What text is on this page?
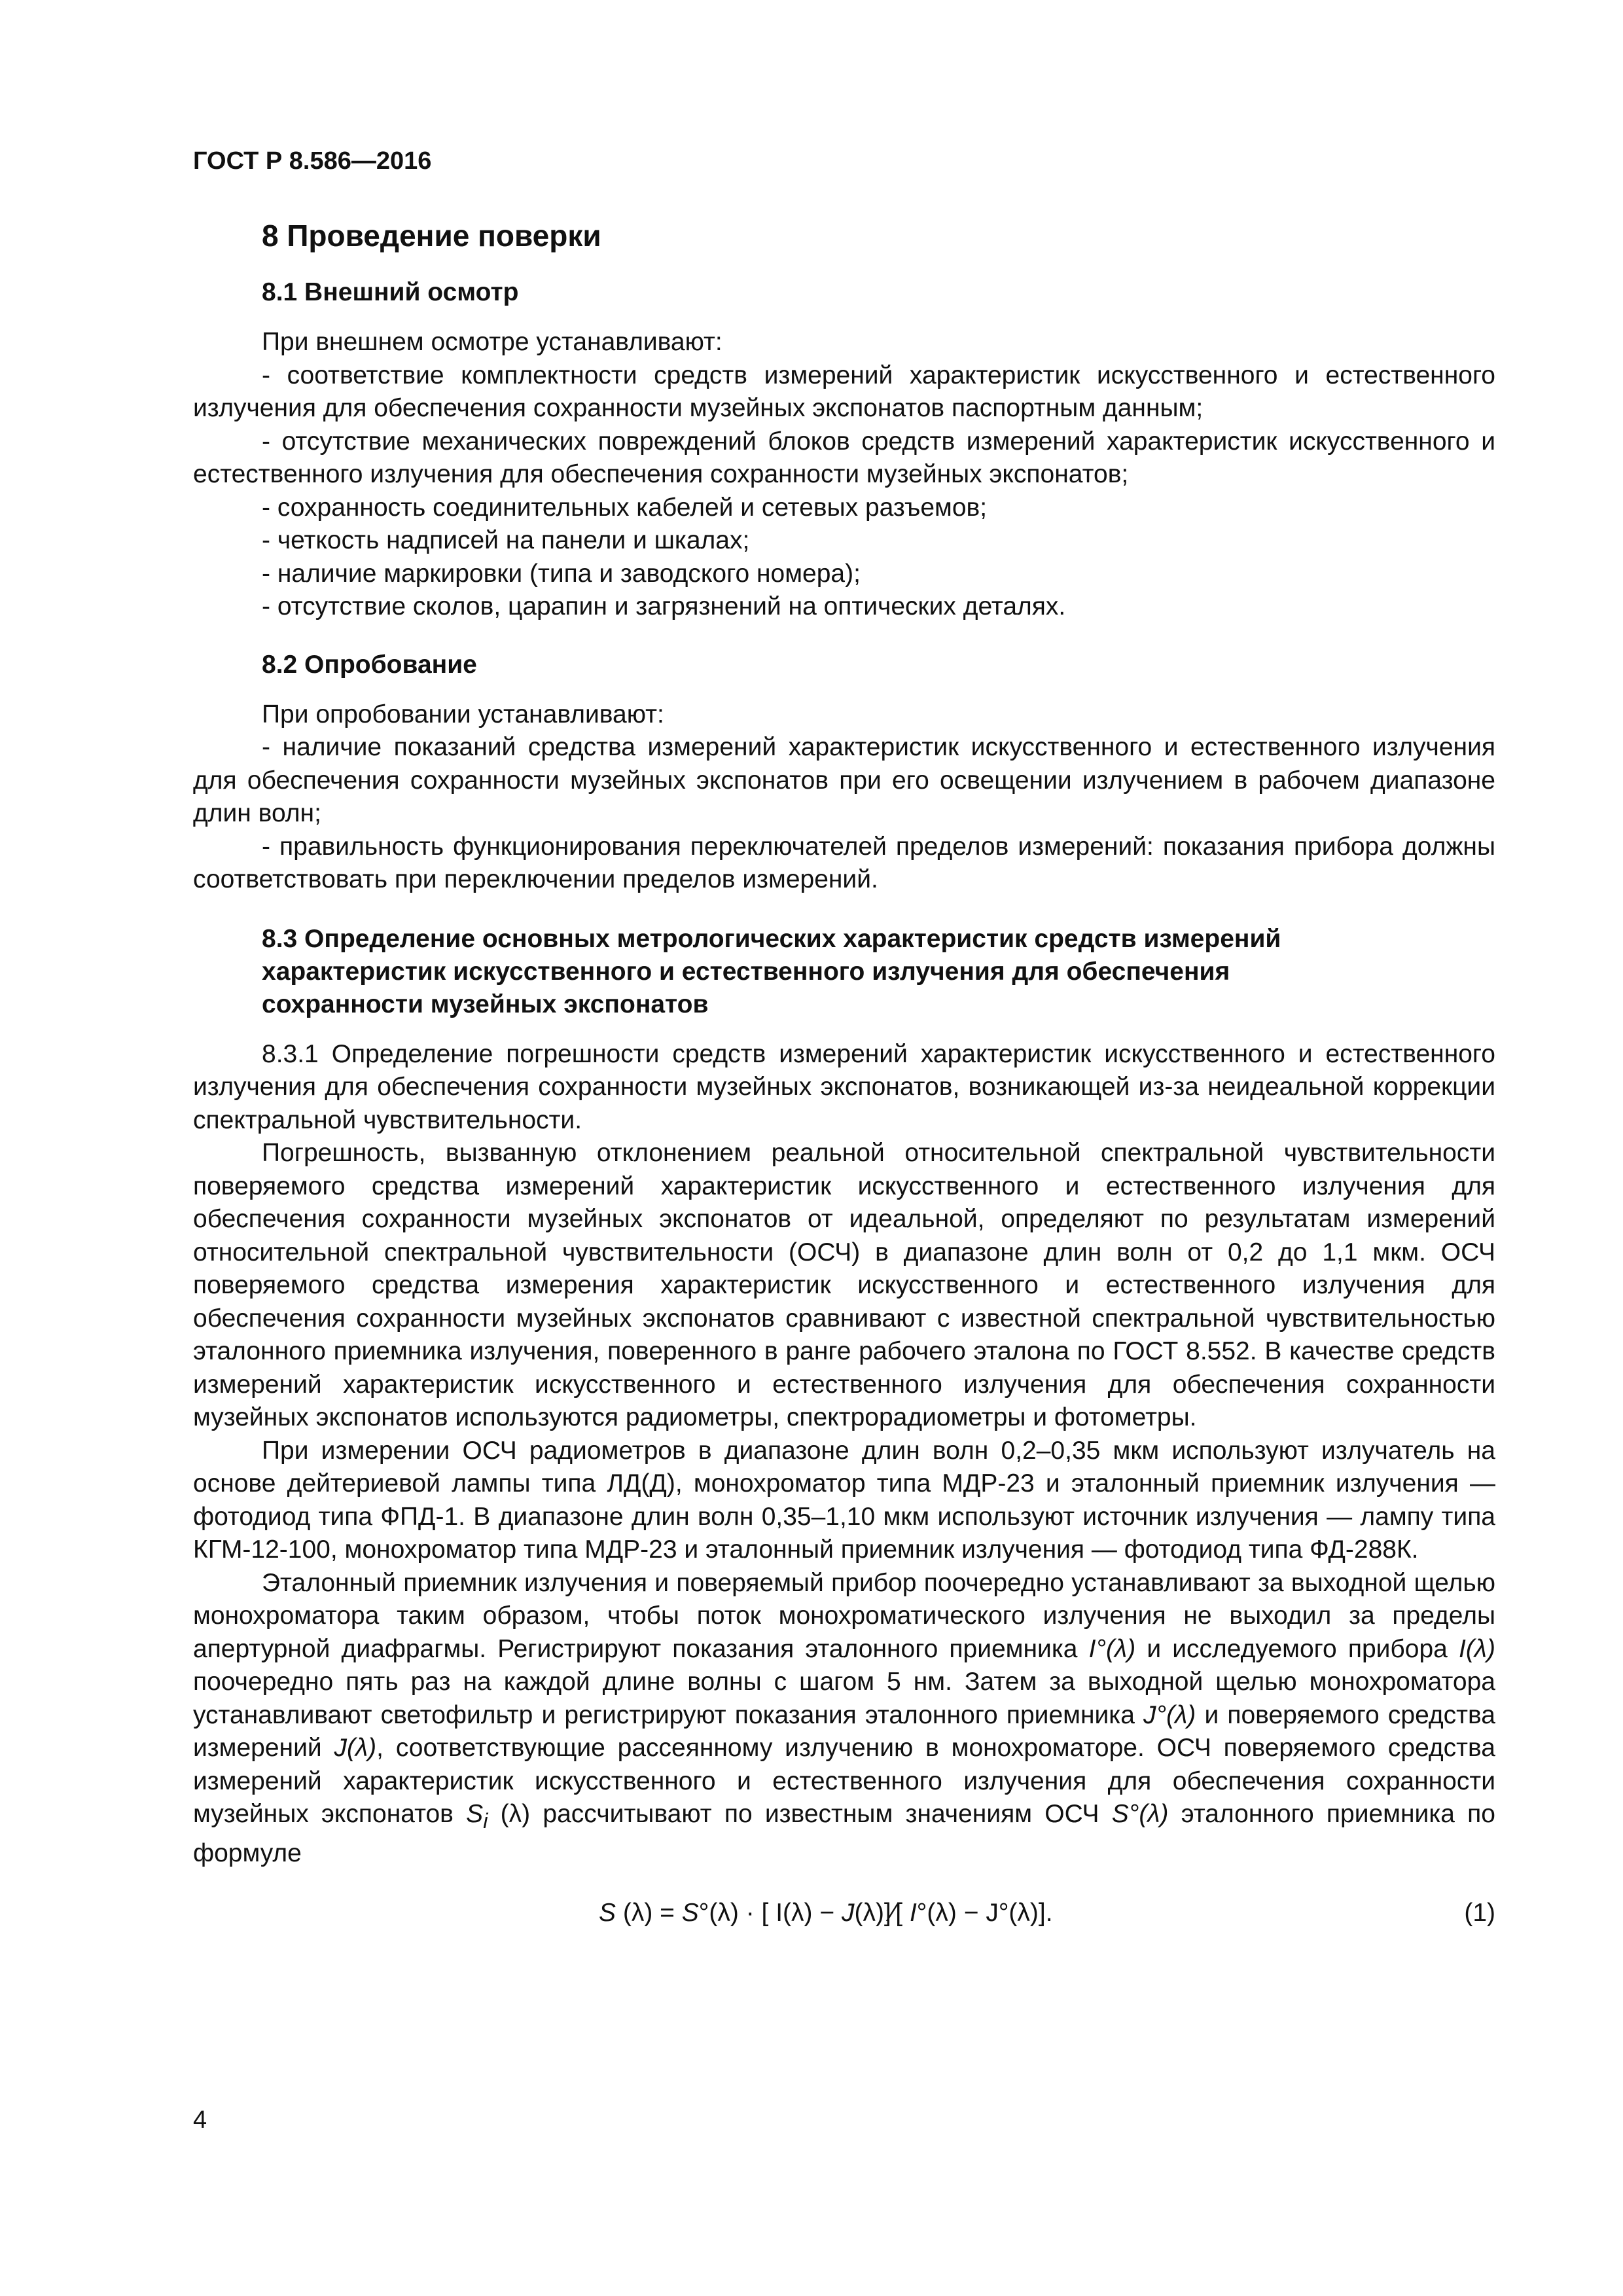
ГОСТ Р 8.586—2016
8 Проведение поверки
8.1 Внешний осмотр

При внешнем осмотре устанавливают:

- соответствие комплектности средств измерений характеристик искусственного и естественного излучения для обеспечения сохранности музейных экспонатов паспортным данным;

- отсутствие механических повреждений блоков средств измерений характеристик искусственного и естественного излучения для обеспечения сохранности музейных экспонатов;

- сохранность соединительных кабелей и сетевых разъемов;

- четкость надписей на панели и шкалах;

- наличие маркировки (типа и заводского номера);

- отсутствие сколов, царапин и загрязнений на оптических деталях.

8.2 Опробование

При опробовании устанавливают:

- наличие показаний средства измерений характеристик искусственного и естественного излучения для обеспечения сохранности музейных экспонатов при его освещении излучением в рабочем диапазоне длин волн;

- правильность функционирования переключателей пределов измерений: показания прибора должны соответствовать при переключении пределов измерений.

8.3 Определение основных метрологических характеристик средств измерений
характеристик искусственного и естественного излучения для обеспечения
сохранности музейных экспонатов

8.3.1 Определение погрешности средств измерений характеристик искусственного и естественного излучения для обеспечения сохранности музейных экспонатов, возникающей из-за неидеальной коррекции спектральной чувствительности.

Погрешность, вызванную отклонением реальной относительной спектральной чувствительности поверяемого средства измерений характеристик искусственного и естественного излучения для обеспечения сохранности музейных экспонатов от идеальной, определяют по результатам измерений относительной спектральной чувствительности (ОСЧ) в диапазоне длин волн от 0,2 до 1,1 мкм. ОСЧ поверяемого средства измерения характеристик искусственного и естественного излучения для обеспечения сохранности музейных экспонатов сравнивают с известной спектральной чувствительностью эталонного приемника излучения, поверенного в ранге рабочего эталона по ГОСТ 8.552. В качестве средств измерений характеристик искусственного и естественного излучения для обеспечения сохранности музейных экспонатов используются радиометры, спектрорадиометры и фотометры.

При измерении ОСЧ радиометров в диапазоне длин волн 0,2–0,35 мкм используют излучатель на основе дейтериевой лампы типа ЛД(Д), монохроматор типа МДР-23 и эталонный приемник излучения — фотодиод типа ФПД-1. В диапазоне длин волн 0,35–1,10 мкм используют источник излучения — лампу типа КГМ-12-100, монохроматор типа МДР-23 и эталонный приемник излучения — фотодиод типа ФД-288К.

Эталонный приемник излучения и поверяемый прибор поочередно устанавливают за выходной щелью монохроматора таким образом, чтобы поток монохроматического излучения не выходил за пределы апертурной диафрагмы. Регистрируют показания эталонного приемника I°(λ) и исследуемого прибора I(λ) поочередно пять раз на каждой длине волны с шагом 5 нм. Затем за выходной щелью монохроматора устанавливают светофильтр и регистрируют показания эталонного приемника J°(λ) и поверяемого средства измерений J(λ), соответствующие рассеянному излучению в монохроматоре. ОСЧ поверяемого средства измерений характеристик искусственного и естественного излучения для обеспечения сохранности музейных экспонатов $S_i$ (λ) рассчитывают по известным значениям ОСЧ S°(λ) эталонного приемника по формуле

S (λ) = S°(λ) · [ I(λ) − J(λ)]∕[ I°(λ) − J°(λ)].	(1)
4
